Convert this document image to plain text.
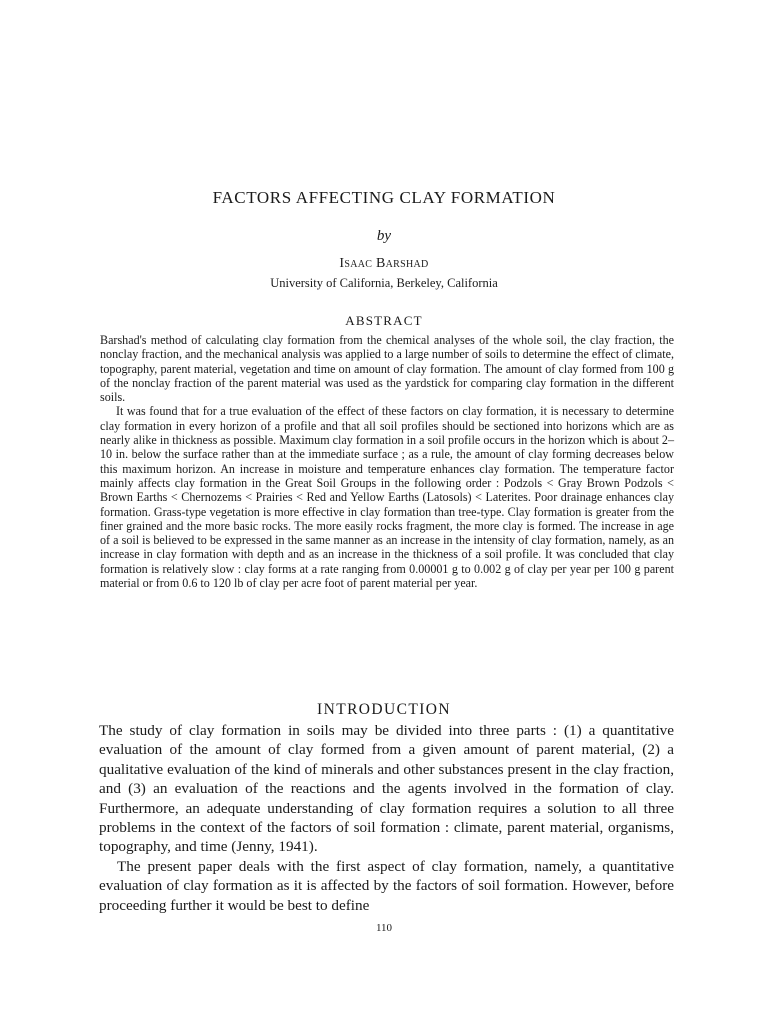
FACTORS AFFECTING CLAY FORMATION
by
Isaac Barshad
University of California, Berkeley, California
ABSTRACT

Barshad's method of calculating clay formation from the chemical analyses of the whole soil, the clay fraction, the nonclay fraction, and the mechanical analysis was applied to a large number of soils to determine the effect of climate, topography, parent material, vegetation and time on amount of clay formation. The amount of clay formed from 100 g of the nonclay fraction of the parent material was used as the yardstick for comparing clay formation in the different soils.

It was found that for a true evaluation of the effect of these factors on clay formation, it is necessary to determine clay formation in every horizon of a profile and that all soil profiles should be sectioned into horizons which are as nearly alike in thickness as possible. Maximum clay formation in a soil profile occurs in the horizon which is about 2–10 in. below the surface rather than at the immediate surface ; as a rule, the amount of clay forming decreases below this maximum horizon. An increase in moisture and temperature enhances clay formation. The temperature factor mainly affects clay formation in the Great Soil Groups in the following order : Podzols < Gray Brown Podzols < Brown Earths < Chernozems < Prairies < Red and Yellow Earths (Latosols) < Laterites. Poor drainage enhances clay formation. Grass-type vegetation is more effective in clay formation than tree-type. Clay formation is greater from the finer grained and the more basic rocks. The more easily rocks fragment, the more clay is formed. The increase in age of a soil is believed to be expressed in the same manner as an increase in the intensity of clay formation, namely, as an increase in clay formation with depth and as an increase in the thickness of a soil profile. It was concluded that clay formation is relatively slow : clay forms at a rate ranging from 0.00001 g to 0.002 g of clay per year per 100 g parent material or from 0.6 to 120 lb of clay per acre foot of parent material per year.

INTRODUCTION

The study of clay formation in soils may be divided into three parts : (1) a quantitative evaluation of the amount of clay formed from a given amount of parent material, (2) a qualitative evaluation of the kind of minerals and other substances present in the clay fraction, and (3) an evaluation of the reactions and the agents involved in the formation of clay. Furthermore, an adequate understanding of clay formation requires a solution to all three problems in the context of the factors of soil formation : climate, parent material, organisms, topography, and time (Jenny, 1941).

The present paper deals with the first aspect of clay formation, namely, a quantitative evaluation of clay formation as it is affected by the factors of soil formation. However, before proceeding further it would be best to define

110
